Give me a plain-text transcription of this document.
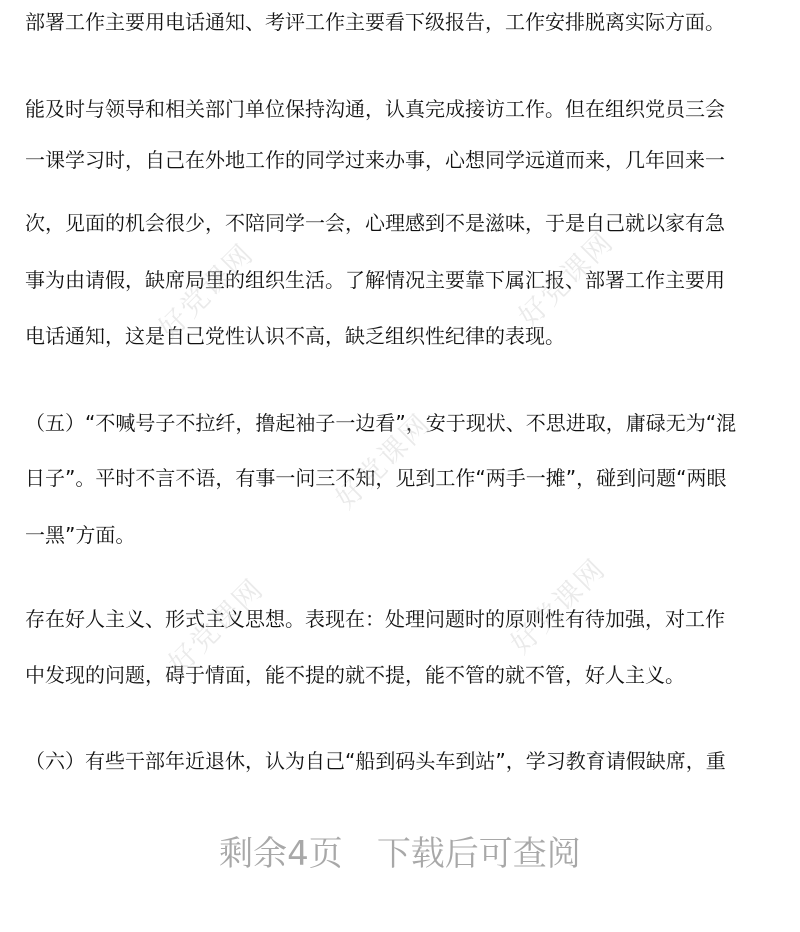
部署工作主要用电话通知、考评工作主要看下级报告，工作安排脱离实际方面。
能及时与领导和相关部门单位保持沟通，认真完成接访工作。但在组织党员三会
一课学习时，自己在外地工作的同学过来办事，心想同学远道而来，几年回来一
次，见面的机会很少，不陪同学一会，心理感到不是滋味，于是自己就以家有急
事为由请假，缺席局里的组织生活。了解情况主要靠下属汇报、部署工作主要用
电话通知，这是自己党性认识不高，缺乏组织性纪律的表现。
（五）“不喊号子不拉纤，撸起袖子一边看”，安于现状、不思进取，庸碌无为“混
日子”。平时不言不语，有事一问三不知，见到工作“两手一摊”，碰到问题“两眼
一黑”方面。
存在好人主义、形式主义思想。表现在：处理问题时的原则性有待加强，对工作
中发现的问题，碍于情面，能不提的就不提，能不管的就不管，好人主义。
（六）有些干部年近退休，认为自己“船到码头车到站”，学习教育请假缺席，重
好党课网	好党课网
好党课网
好党课网	好党课网
剩余4页 下载后可查阅
